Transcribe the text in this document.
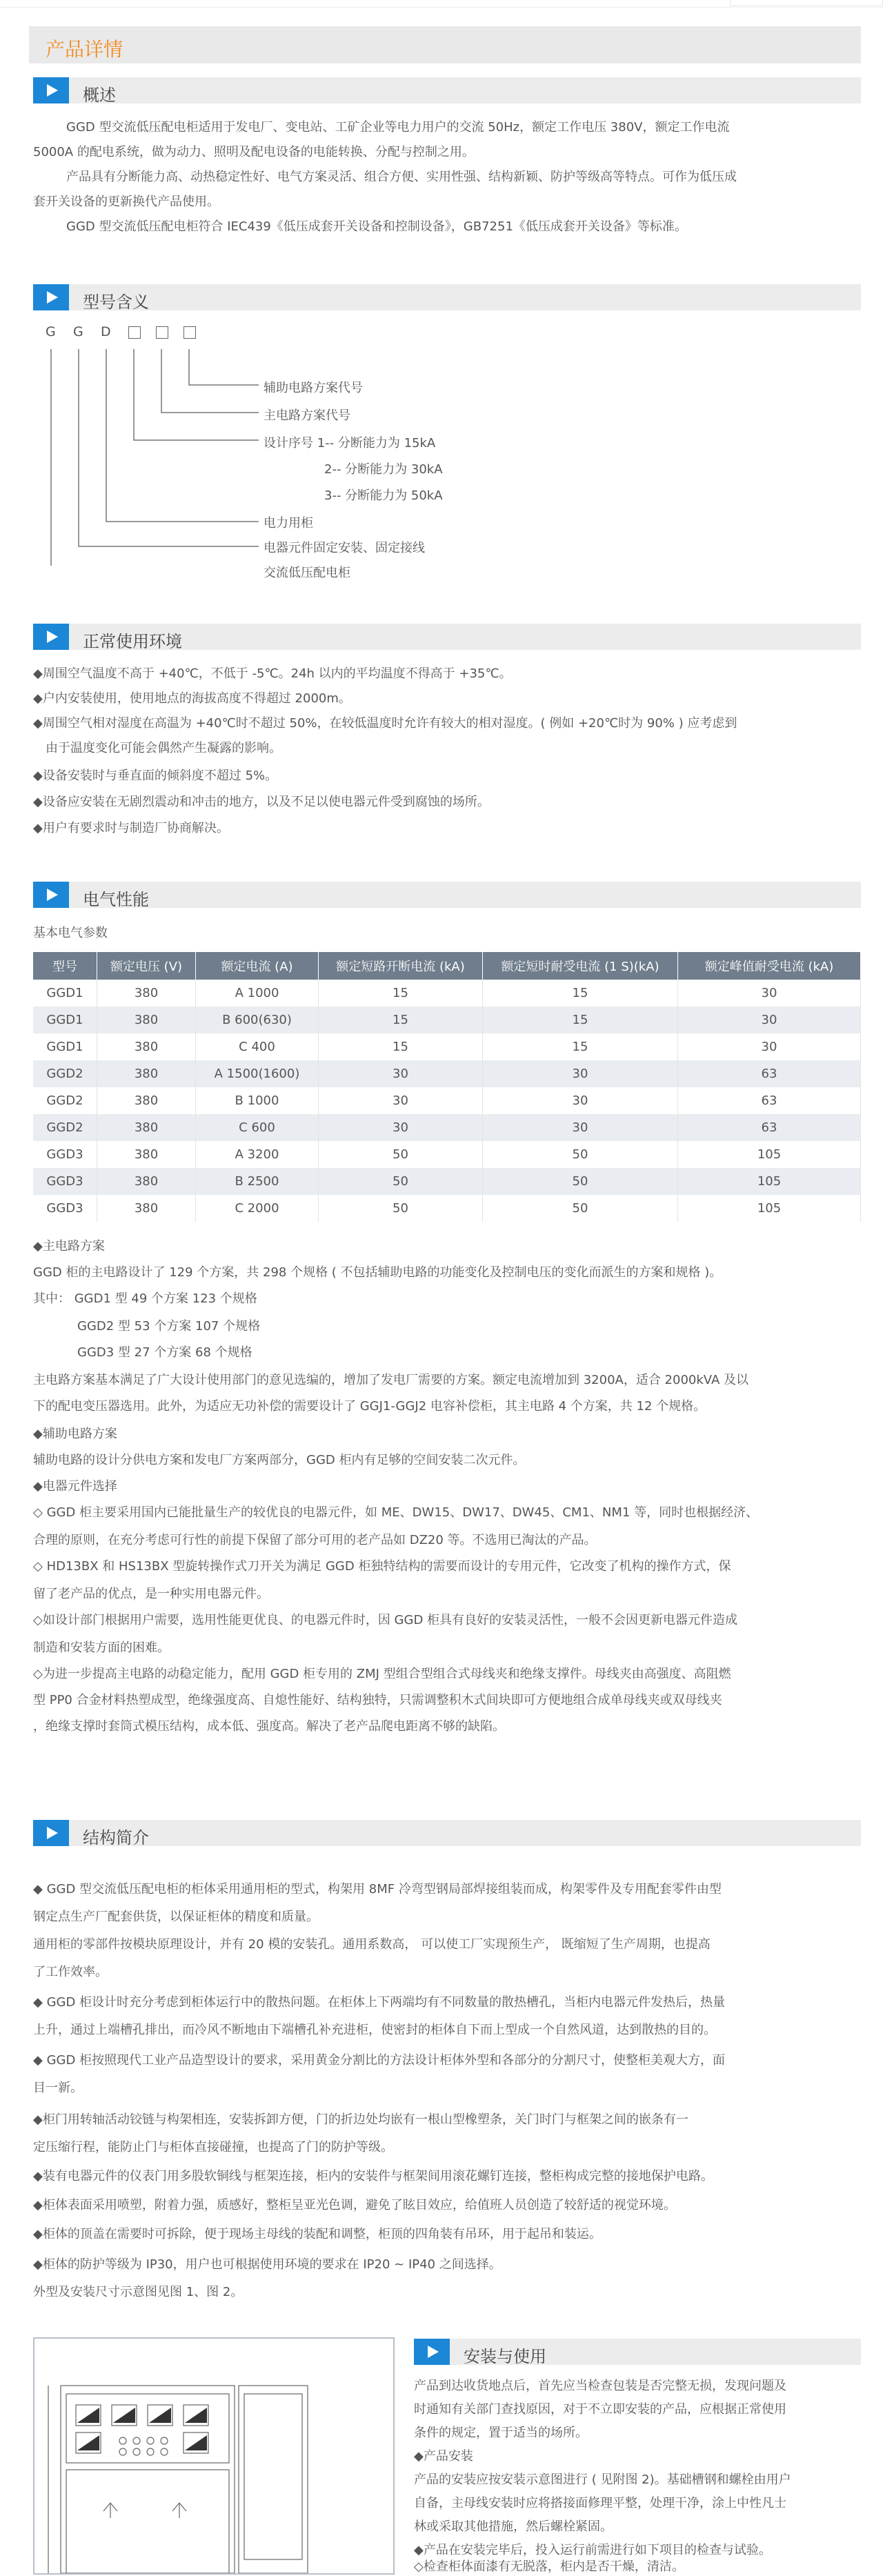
产品详情
概述
GGD 型交流低压配电柜适用于发电厂、变电站、工矿企业等电力用户的交流 50Hz，额定工作电压 380V，额定工作电流
5000A 的配电系统，做为动力、照明及配电设备的电能转换、分配与控制之用。
产品具有分断能力高、动热稳定性好、电气方案灵活、组合方便、实用性强、结构新颖、防护等级高等特点。可作为低压成
套开关设备的更新换代产品使用。
GGD 型交流低压配电柜符合 IEC439《低压成套开关设备和控制设备》，GB7251《低压成套开关设备》等标准。
型号含义
G G D
辅助电路方案代号
主电路方案代号
设计序号 1-- 分断能力为 15kA
2-- 分断能力为 30kA
3-- 分断能力为 50kA
电力用柜
电器元件固定安装、固定接线
交流低压配电柜
正常使用环境
◆周围空气温度不高于 +40℃，不低于 -5℃。24h 以内的平均温度不得高于 +35℃。
◆户内安装使用，使用地点的海拔高度不得超过 2000m。
◆周围空气相对湿度在高温为 +40℃时不超过 50%，在较低温度时允许有较大的相对湿度。( 例如 +20℃时为 90% ) 应考虑到
由于温度变化可能会偶然产生凝露的影响。
◆设备安装时与垂直面的倾斜度不超过 5%。
◆设备应安装在无剧烈震动和冲击的地方，以及不足以使电器元件受到腐蚀的场所。
◆用户有要求时与制造厂协商解决。
电气性能
基本电气参数
型号	额定电压 (V)	额定电流 (A)	额定短路开断电流 (kA)	额定短时耐受电流 (1 S)(kA)	额定峰值耐受电流 (kA)
GGD1	380	A 1000	15	15	30
GGD1	380	B 600(630)	15	15	30
GGD1	380	C 400	15	15	30
GGD2	380	A 1500(1600)	30	30	63
GGD2	380	B 1000	30	30	63
GGD2	380	C 600	30	30	63
GGD3	380	A 3200	50	50	105
GGD3	380	B 2500	50	50	105
GGD3	380	C 2000	50	50	105
◆主电路方案
GGD 柜的主电路设计了 129 个方案，共 298 个规格 ( 不包括辅助电路的功能变化及控制电压的变化而派生的方案和规格 )。
其中： GGD1 型 49 个方案 123 个规格
GGD2 型 53 个方案 107 个规格
GGD3 型 27 个方案 68 个规格
主电路方案基本满足了广大设计使用部门的意见选编的，增加了发电厂需要的方案。额定电流增加到 3200A，适合 2000kVA 及以
下的配电变压器选用。此外，为适应无功补偿的需要设计了 GGJ1-GGJ2 电容补偿柜，其主电路 4 个方案，共 12 个规格。
◆辅助电路方案
辅助电路的设计分供电方案和发电厂方案两部分，GGD 柜内有足够的空间安装二次元件。
◆电器元件选择
◇ GGD 柜主要采用国内已能批量生产的较优良的电器元件，如 ME、DW15、DW17、DW45、CM1、NM1 等，同时也根据经济、
合理的原则，在充分考虑可行性的前提下保留了部分可用的老产品如 DZ20 等。不选用已淘汰的产品。
◇ HD13BX 和 HS13BX 型旋转操作式刀开关为满足 GGD 柜独特结构的需要而设计的专用元件，它改变了机构的操作方式，保
留了老产品的优点，是一种实用电器元件。
◇如设计部门根据用户需要，选用性能更优良、的电器元件时，因 GGD 柜具有良好的安装灵活性，一般不会因更新电器元件造成
制造和安装方面的困难。
◇为进一步提高主电路的动稳定能力，配用 GGD 柜专用的 ZMJ 型组合型组合式母线夹和绝缘支撑件。母线夹由高强度、高阻燃
型 PP0 合金材料热塑成型，绝缘强度高、自熄性能好、结构独特，只需调整积木式间块即可方便地组合成单母线夹或双母线夹
，绝缘支撑时套筒式模压结构，成本低、强度高。解决了老产品爬电距离不够的缺陷。
结构简介
◆ GGD 型交流低压配电柜的柜体采用通用柜的型式，构架用 8MF 冷弯型钢局部焊接组装而成，构架零件及专用配套零件由型
钢定点生产厂配套供货，以保证柜体的精度和质量。
通用柜的零部件按模块原理设计，并有 20 模的安装孔。通用系数高， 可以使工厂实现预生产， 既缩短了生产周期，也提高
了工作效率。
◆ GGD 柜设计时充分考虑到柜体运行中的散热问题。在柜体上下两端均有不同数量的散热槽孔，当柜内电器元件发热后，热量
上升，通过上端槽孔排出，而冷风不断地由下端槽孔补充进柜，使密封的柜体自下而上型成一个自然风道，达到散热的目的。
◆ GGD 柜按照现代工业产品造型设计的要求，采用黄金分割比的方法设计柜体外型和各部分的分割尺寸，使整柜美观大方，面
目一新。
◆柜门用转轴活动铰链与构架相连，安装拆卸方便，门的折边处均嵌有一根山型橡塑条，关门时门与框架之间的嵌条有一
定压缩行程，能防止门与柜体直接碰撞，也提高了门的防护等级。
◆装有电器元件的仪表门用多股软铜线与框架连接，柜内的安装件与框架间用滚花螺钉连接，整柜构成完整的接地保护电路。
◆柜体表面采用喷塑，附着力强，质感好，整柜呈亚光色调，避免了眩目效应，给值班人员创造了较舒适的视觉环境。
◆柜体的顶盖在需要时可拆除，便于现场主母线的装配和调整，柜顶的四角装有吊环，用于起吊和装运。
◆柜体的防护等级为 IP30，用户也可根据使用环境的要求在 IP20 ~ IP40 之间选择。
外型及安装尺寸示意图见图 1、图 2。
安装与使用
产品到达收货地点后，首先应当检查包装是否完整无损，发现问题及
时通知有关部门查找原因，对于不立即安装的产品，应根据正常使用
条件的规定，置于适当的场所。
◆产品安装
产品的安装应按安装示意图进行 ( 见附图 2)。基础槽钢和螺栓由用户
自备，主母线安装时应将搭接面修理平整，处理干净，涂上中性凡士
林或采取其他措施，然后螺栓紧固。
◆产品在安装完毕后，投入运行前需进行如下项目的检查与试验。
◇检查柜体面漆有无脱落，柜内是否干燥，清洁。
